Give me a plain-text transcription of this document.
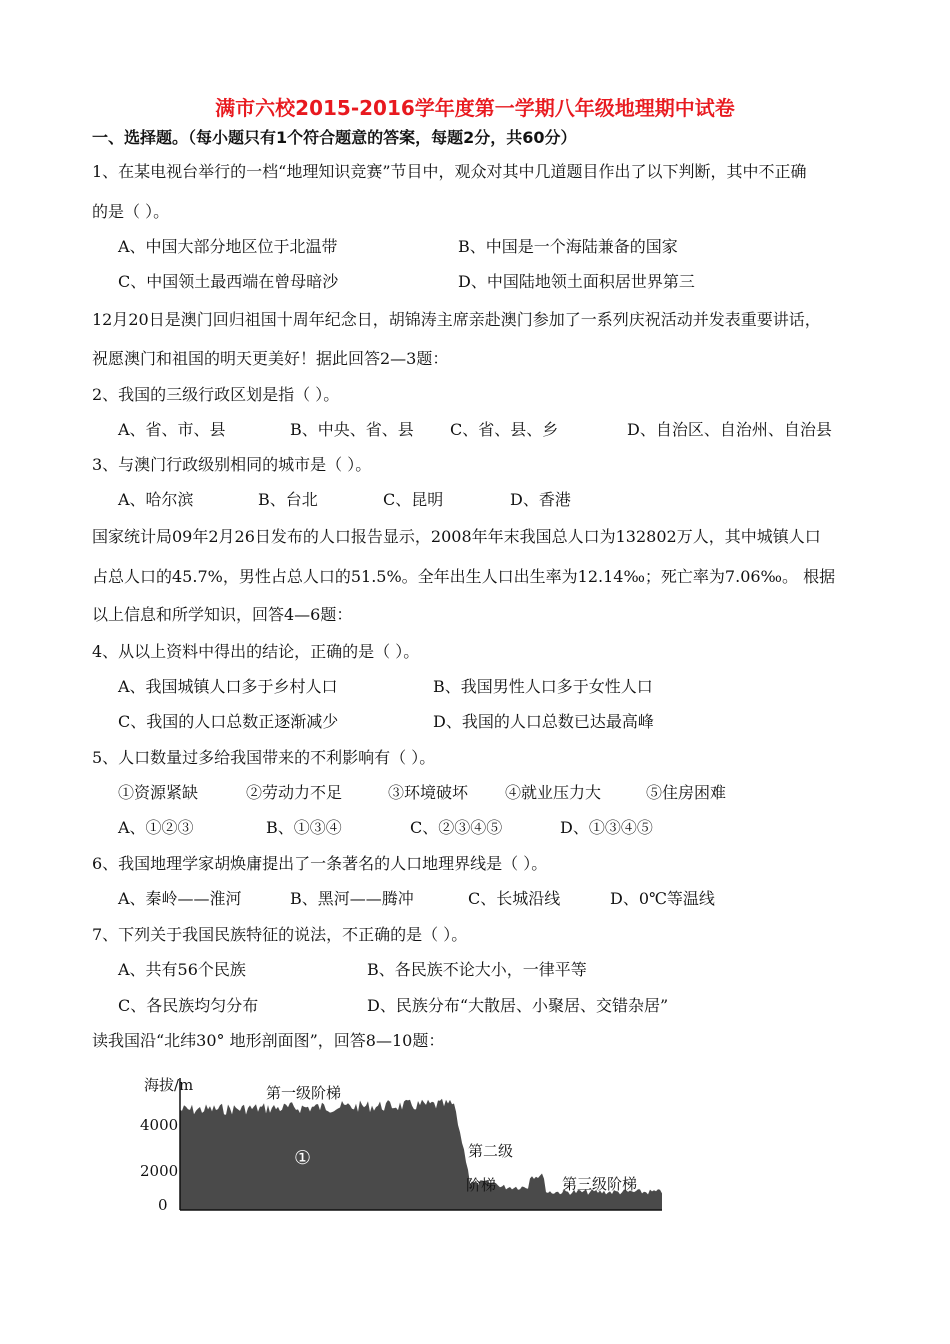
满市六校2015-2016学年度第一学期八年级地理期中试卷
一、选择题。（每小题只有1个符合题意的答案，每题2分，共60分）
1、在某电视台举行的一档“地理知识竞赛”节目中，观众对其中几道题目作出了以下判断，其中不正确
的是（ ）。
A、中国大部分地区位于北温带	B、中国是一个海陆兼备的国家
C、中国领土最西端在曾母暗沙	D、中国陆地领土面积居世界第三
12月20日是澳门回归祖国十周年纪念日，胡锦涛主席亲赴澳门参加了一系列庆祝活动并发表重要讲话，
祝愿澳门和祖国的明天更美好！据此回答2—3题：
2、我国的三级行政区划是指（ ）。
A、省、市、县	B、中央、省、县 C、省、县、乡	D、自治区、自治州、自治县
3、与澳门行政级别相同的城市是（ ）。
A、哈尔滨	B、台北	C、昆明	D、香港
国家统计局09年2月26日发布的人口报告显示，2008年年末我国总人口为132802万人，其中城镇人口
占总人口的45.7%，男性占总人口的51.5%。全年出生人口出生率为12.14‰；死亡率为7.06‰。 根据
以上信息和所学知识，回答4—6题：
4、从以上资料中得出的结论，正确的是（ ）。
A、我国城镇人口多于乡村人口	B、我国男性人口多于女性人口
C、我国的人口总数正逐渐减少	D、我国的人口总数已达最高峰
5、人口数量过多给我国带来的不利影响有（ ）。
①资源紧缺	②劳动力不足	③环境破坏 ④就业压力大	⑤住房困难
A、①②③	B、①③④	C、②③④⑤	D、①③④⑤
6、我国地理学家胡焕庸提出了一条著名的人口地理界线是（ ）。
A、秦岭——淮河	B、黑河——腾冲	C、长城沿线	D、0℃等温线
7、下列关于我国民族特征的说法，不正确的是（ ）。
A、共有56个民族	B、各民族不论大小，一律平等
C、各民族均匀分布	D、民族分布“大散居、小聚居、交错杂居”
读我国沿“北纬30° 地形剖面图”，回答8—10题：
海拔/m
4000
2000
0
第一级阶梯
第二级
阶梯	第三级阶梯
①
